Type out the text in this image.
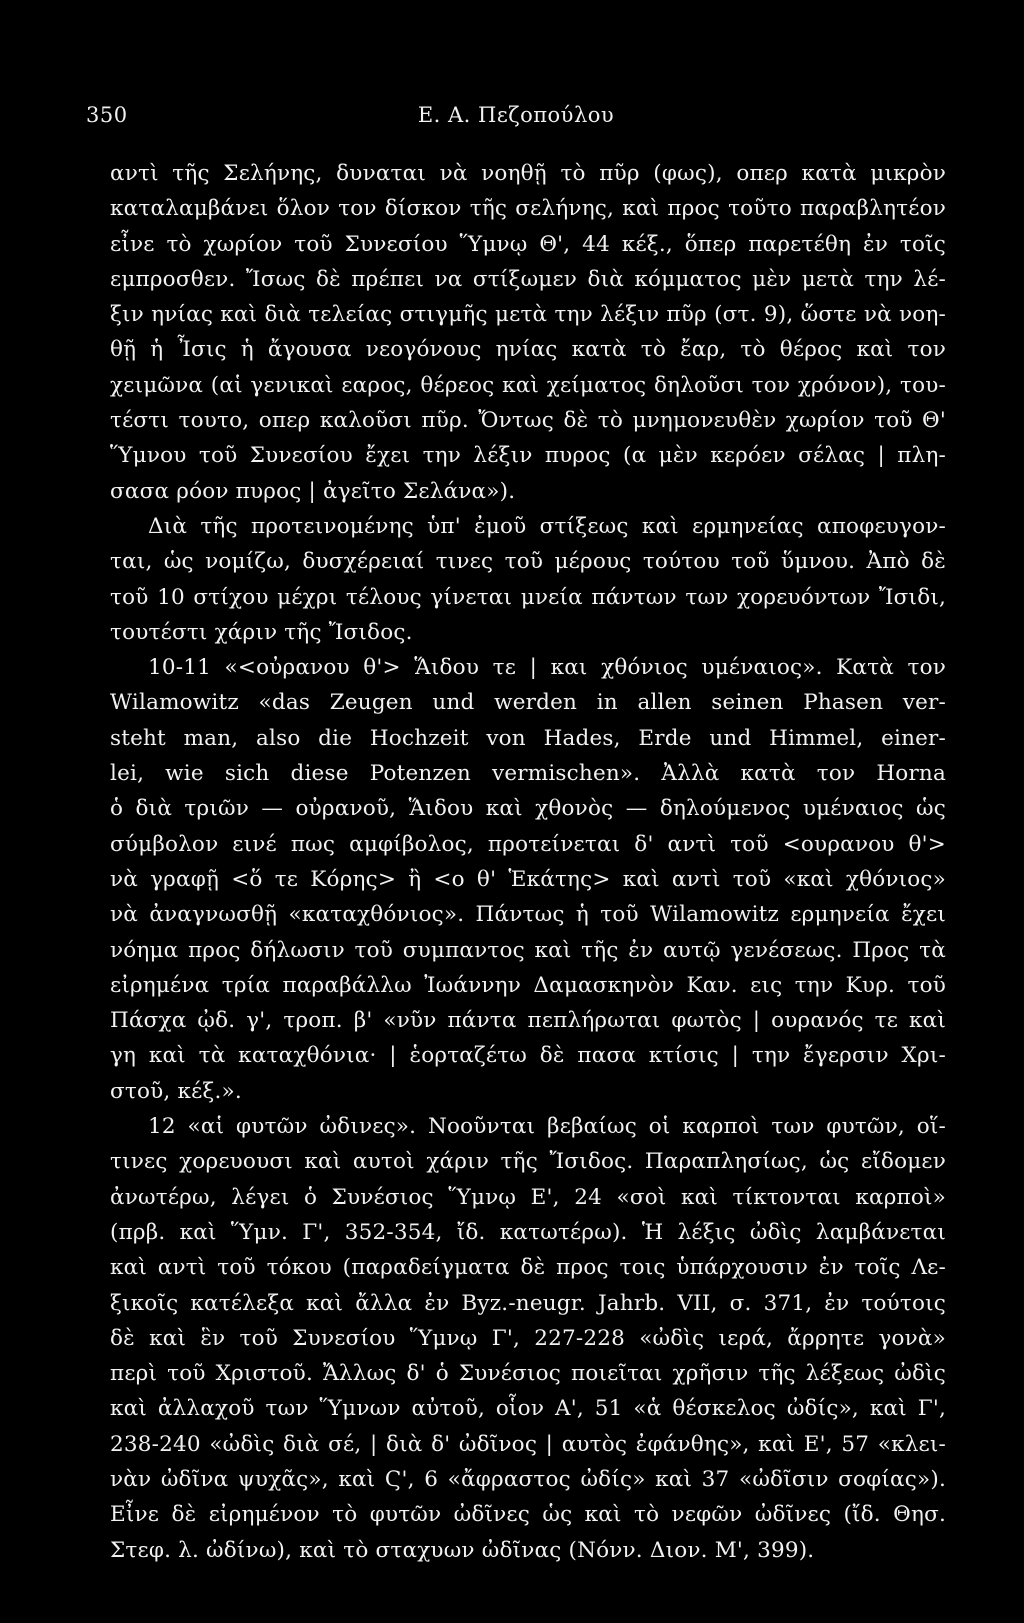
350	Ε. Α. Πεζοπούλου
αντὶ τῆς Σελήνης, δυναται νὰ νοηθῇ τὸ πῦρ (φως), οπερ κατὰ μικρὸν
καταλαμβάνει ὅλον τον δίσκον τῆς σελήνης, καὶ προς τοῦτο παραβλητέον
εἶνε τὸ χωρίον τοῦ Συνεσίου Ὕμνῳ Θ', 44 κέξ., ὅπερ παρετέθη ἐν τοῖς
εμπροσθεν. Ἴσως δὲ πρέπει να στίξωμεν διὰ κόμματος μὲν μετὰ την λέ-
ξιν ηνίας καὶ διὰ τελείας στιγμῆς μετὰ την λέξιν πῦρ (στ. 9), ὥστε νὰ νοη-
θῇ ἡ Ἶσις ἡ ἄγουσα νεογόνους ηνίας κατὰ τὸ ἔαρ, τὸ θέρος καὶ τον
χειμῶνα (αἱ γενικαὶ εαρος, θέρεος καὶ χείματος δηλοῦσι τον χρόνον), του-
τέστι τουτο, οπερ καλοῦσι πῦρ. Ὄντως δὲ τὸ μνημονευθὲν χωρίον τοῦ Θ'
Ὕμνου τοῦ Συνεσίου ἔχει την λέξιν πυρος (α μὲν κερόεν σέλας | πλη-
σασα ρόον πυρος | ἀγεῖτο Σελάνα»).
Διὰ τῆς προτεινομένης ὑπ' ἐμοῦ στίξεως καὶ ερμηνείας αποφευγον-
ται, ὡς νομίζω, δυσχέρειαί τινες τοῦ μέρους τούτου τοῦ ὕμνου. Ἀπὸ δὲ
τοῦ 10 στίχου μέχρι τέλους γίνεται μνεία πάντων των χορευόντων Ἴσιδι,
τουτέστι χάριν τῆς Ἴσιδος.
10-11 «<οὐρανου θ'> Ἅιδου τε | και χθόνιος υμέναιος». Κατὰ τον
Wilamowitz «das Zeugen und werden in allen seinen Phasen ver-
steht man, also die Hochzeit von Hades, Erde und Himmel, einer-
lei, wie sich diese Potenzen vermischen». Ἀλλὰ κατὰ τον Horna
ὁ διὰ τριῶν — οὐρανοῦ, Ἅιδου καὶ χθονὸς — δηλούμενος υμέναιος ὡς
σύμβολον εινέ πως αμφίβολος, προτείνεται δ' αντὶ τοῦ <ουρανου θ'>
νὰ γραφῇ <ὅ τε Κόρης> ἢ <ο θ' Ἑκάτης> καὶ αντὶ τοῦ «καὶ χθόνιος»
νὰ ἀναγνωσθῇ «καταχθόνιος». Πάντως ἡ τοῦ Wilamowitz ερμηνεία ἔχει
νόημα προς δήλωσιν τοῦ συμπαντος καὶ τῆς ἐν αυτῷ γενέσεως. Προς τὰ
εἰρημένα τρία παραβάλλω Ἰωάννην Δαμασκηνὸν Καν. εις την Κυρ. τοῦ
Πάσχα ᾠδ. γ', τροπ. β' «νῦν πάντα πεπλήρωται φωτὸς | ουρανός τε καὶ
γη καὶ τὰ καταχθόνια· | ἑορταζέτω δὲ πασα κτίσις | την ἔγερσιν Χρι-
στοῦ, κέξ.».
12 «αἱ φυτῶν ὠδινες». Νοοῦνται βεβαίως οἱ καρποὶ των φυτῶν, οἵ-
τινες χορευουσι καὶ αυτοὶ χάριν τῆς Ἴσιδος. Παραπλησίως, ὡς εἴδομεν
ἀνωτέρω, λέγει ὁ Συνέσιος Ὕμνῳ Ε', 24 «σοὶ καὶ τίκτονται καρποὶ»
(πρβ. καὶ Ὕμν. Γ', 352-354, ἴδ. κατωτέρω). Ἡ λέξις ὠδὶς λαμβάνεται
καὶ αντὶ τοῦ τόκου (παραδείγματα δὲ προς τοις ὑπάρχουσιν ἐν τοῖς Λε-
ξικοῖς κατέλεξα καὶ ἄλλα ἐν Byz.-neugr. Jahrb. VII, σ. 371, ἐν τούτοις
δὲ καὶ ἓν τοῦ Συνεσίου Ὕμνῳ Γ', 227-228 «ὠδὶς ιερά, ἄρρητε γονὰ»
περὶ τοῦ Χριστοῦ. Ἄλλως δ' ὁ Συνέσιος ποιεῖται χρῆσιν τῆς λέξεως ὠδὶς
καὶ ἀλλαχοῦ των Ὕμνων αὐτοῦ, οἷον Α', 51 «ἁ θέσκελος ὠδίς», καὶ Γ',
238-240 «ὠδὶς διὰ σέ, | διὰ δ' ὠδῖνος | αυτὸς ἐφάνθης», καὶ Ε', 57 «κλει-
νὰν ὠδῖνα ψυχᾶς», καὶ Ϛ', 6 «ἄφραστος ὠδίς» καὶ 37 «ὠδῖσιν σοφίας»).
Εἶνε δὲ εἰρημένον τὸ φυτῶν ὠδῖνες ὡς καὶ τὸ νεφῶν ὠδῖνες (ἴδ. Θησ.
Στεφ. λ. ὠδίνω), καὶ τὸ σταχυων ὠδῖνας (Νόνν. Διον. Μ', 399).
